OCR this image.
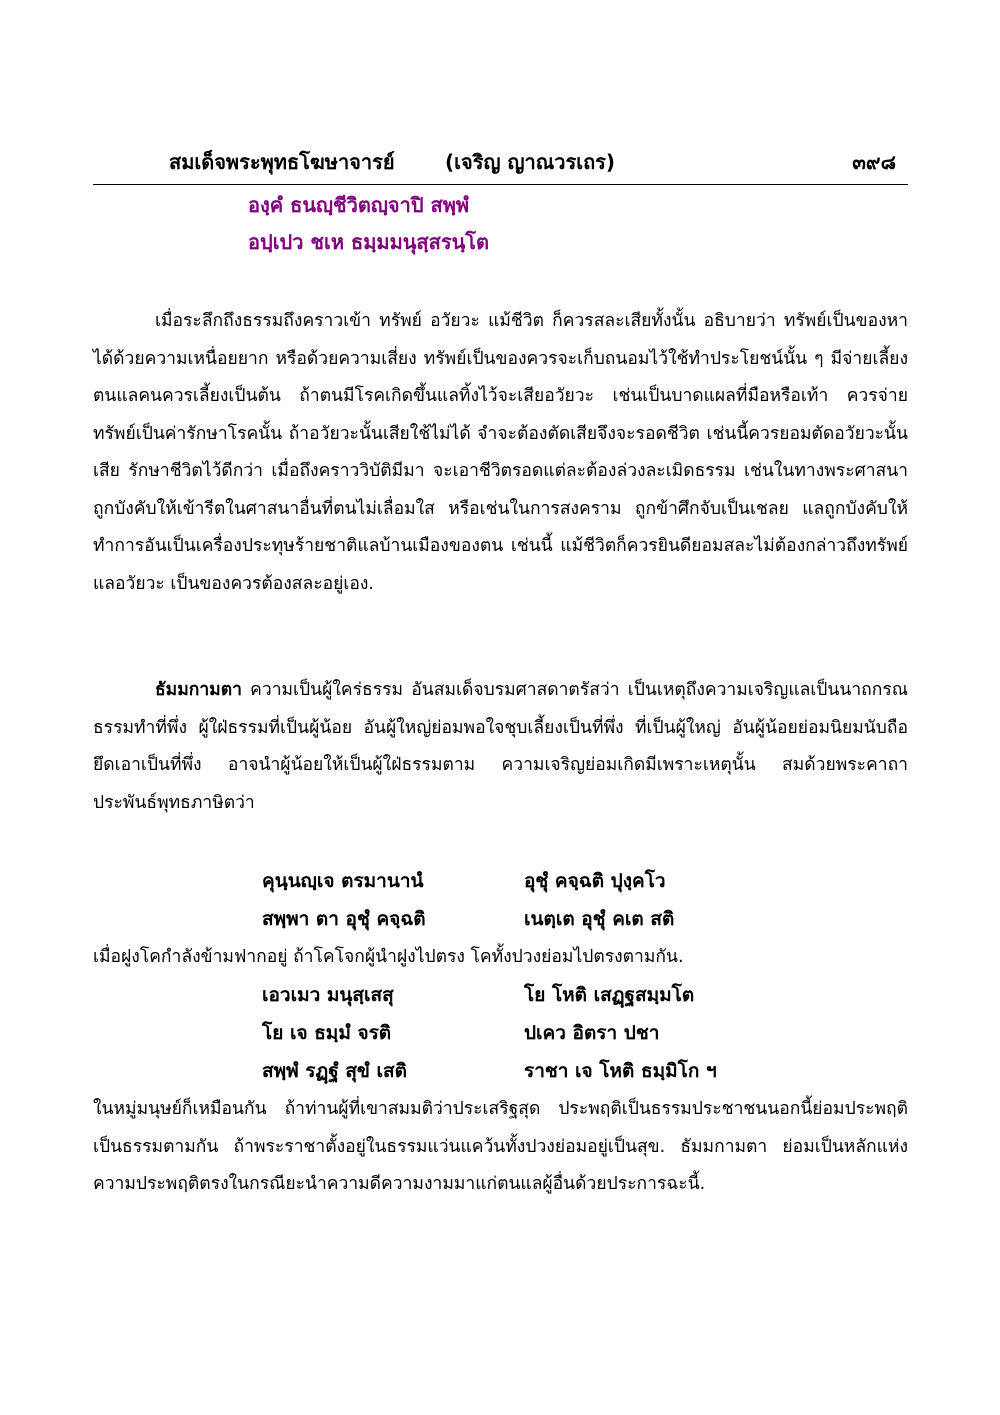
สมเด็จพระพุทธโฆษาจารย์	(เจริญ ญาณวรเถร)	๓๙๘
องฺคํ ธนญฺชีวิตญฺจาปิ สพฺพํ
อปฺเปว ชเห ธมฺมมนุสฺสรนฺโต

เมื่อระลึกถึงธรรมถึงคราวเข้า ทรัพย์ อวัยวะ แม้ชีวิต ก็ควรสละเสียทั้งนั้น อธิบายว่า ทรัพย์เป็นของหาได้ด้วยความเหนื่อยยาก หรือด้วยความเสี่ยง ทรัพย์เป็นของควรจะเก็บถนอมไว้ใช้ทำประโยชน์นั้น ๆ มีจ่ายเลี้ยงตนแลคนควรเลี้ยงเป็นต้น ถ้าตนมีโรคเกิดขึ้นแลทิ้งไว้จะเสียอวัยวะ เช่นเป็นบาดแผลที่มือหรือเท้า ควรจ่ายทรัพย์เป็นค่ารักษาโรคนั้น ถ้าอวัยวะนั้นเสียใช้ไม่ได้ จำจะต้องตัดเสียจึงจะรอดชีวิต เช่นนี้ควรยอมตัดอวัยวะนั้นเสีย รักษาชีวิตไว้ดีกว่า เมื่อถึงคราววิบัติมีมา จะเอาชีวิตรอดแต่ละต้องล่วงละเมิดธรรม เช่นในทางพระศาสนา ถูกบังคับให้เข้ารีตในศาสนาอื่นที่ตนไม่เลื่อมใส หรือเช่นในการสงคราม ถูกข้าศึกจับเป็นเชลย แลถูกบังคับให้ทำการอันเป็นเครื่องประทุษร้ายชาติแลบ้านเมืองของตน เช่นนี้ แม้ชีวิตก็ควรยินดียอมสละไม่ต้องกล่าวถึงทรัพย์แลอวัยวะ เป็นของควรต้องสละอยู่เอง.

ธัมมกามตา ความเป็นผู้ใคร่ธรรม อันสมเด็จบรมศาสดาตรัสว่า เป็นเหตุถึงความเจริญแลเป็นนาถกรณธรรมทำที่พึ่ง ผู้ใฝ่ธรรมที่เป็นผู้น้อย อันผู้ใหญ่ย่อมพอใจชุบเลี้ยงเป็นที่พึ่ง ที่เป็นผู้ใหญ่ อันผู้น้อยย่อมนิยมนับถือ ยึดเอาเป็นที่พึ่ง อาจนำผู้น้อยให้เป็นผู้ใฝ่ธรรมตาม ความเจริญย่อมเกิดมีเพราะเหตุนั้น สมด้วยพระคาถาประพันธ์พุทธภาษิตว่า

คุนฺนญฺเจ ตรมานานํ	อุชุํ คจฺฉติ ปุงฺคโว
สพฺพา ตา อุชุํ คจฺฉติ	เนตฺเต อุชุํ คเต สติ
เมื่อฝูงโคกำลังข้ามฟากอยู่ ถ้าโคโจกผู้นำฝูงไปตรง โคทั้งปวงย่อมไปตรงตามกัน.
เอวเมว มนุสฺเสสุ	โย โหติ เสฏฺฐสมฺมโต
โย เจ ธมฺมํ จรติ	ปเคว อิตรา ปชา
สพฺพํ รฏฺฐํ สุขํ เสติ	ราชา เจ โหติ ธมฺมิโก ฯ

ในหมู่มนุษย์ก็เหมือนกัน ถ้าท่านผู้ที่เขาสมมติว่าประเสริฐสุด ประพฤติเป็นธรรมประชาชนนอกนี้ย่อมประพฤติเป็นธรรมตามกัน ถ้าพระราชาตั้งอยู่ในธรรมแว่นแคว้นทั้งปวงย่อมอยู่เป็นสุข. ธัมมกามตา ย่อมเป็นหลักแห่งความประพฤติตรงในกรณียะนำความดีความงามมาแก่ตนแลผู้อื่นด้วยประการฉะนี้.
